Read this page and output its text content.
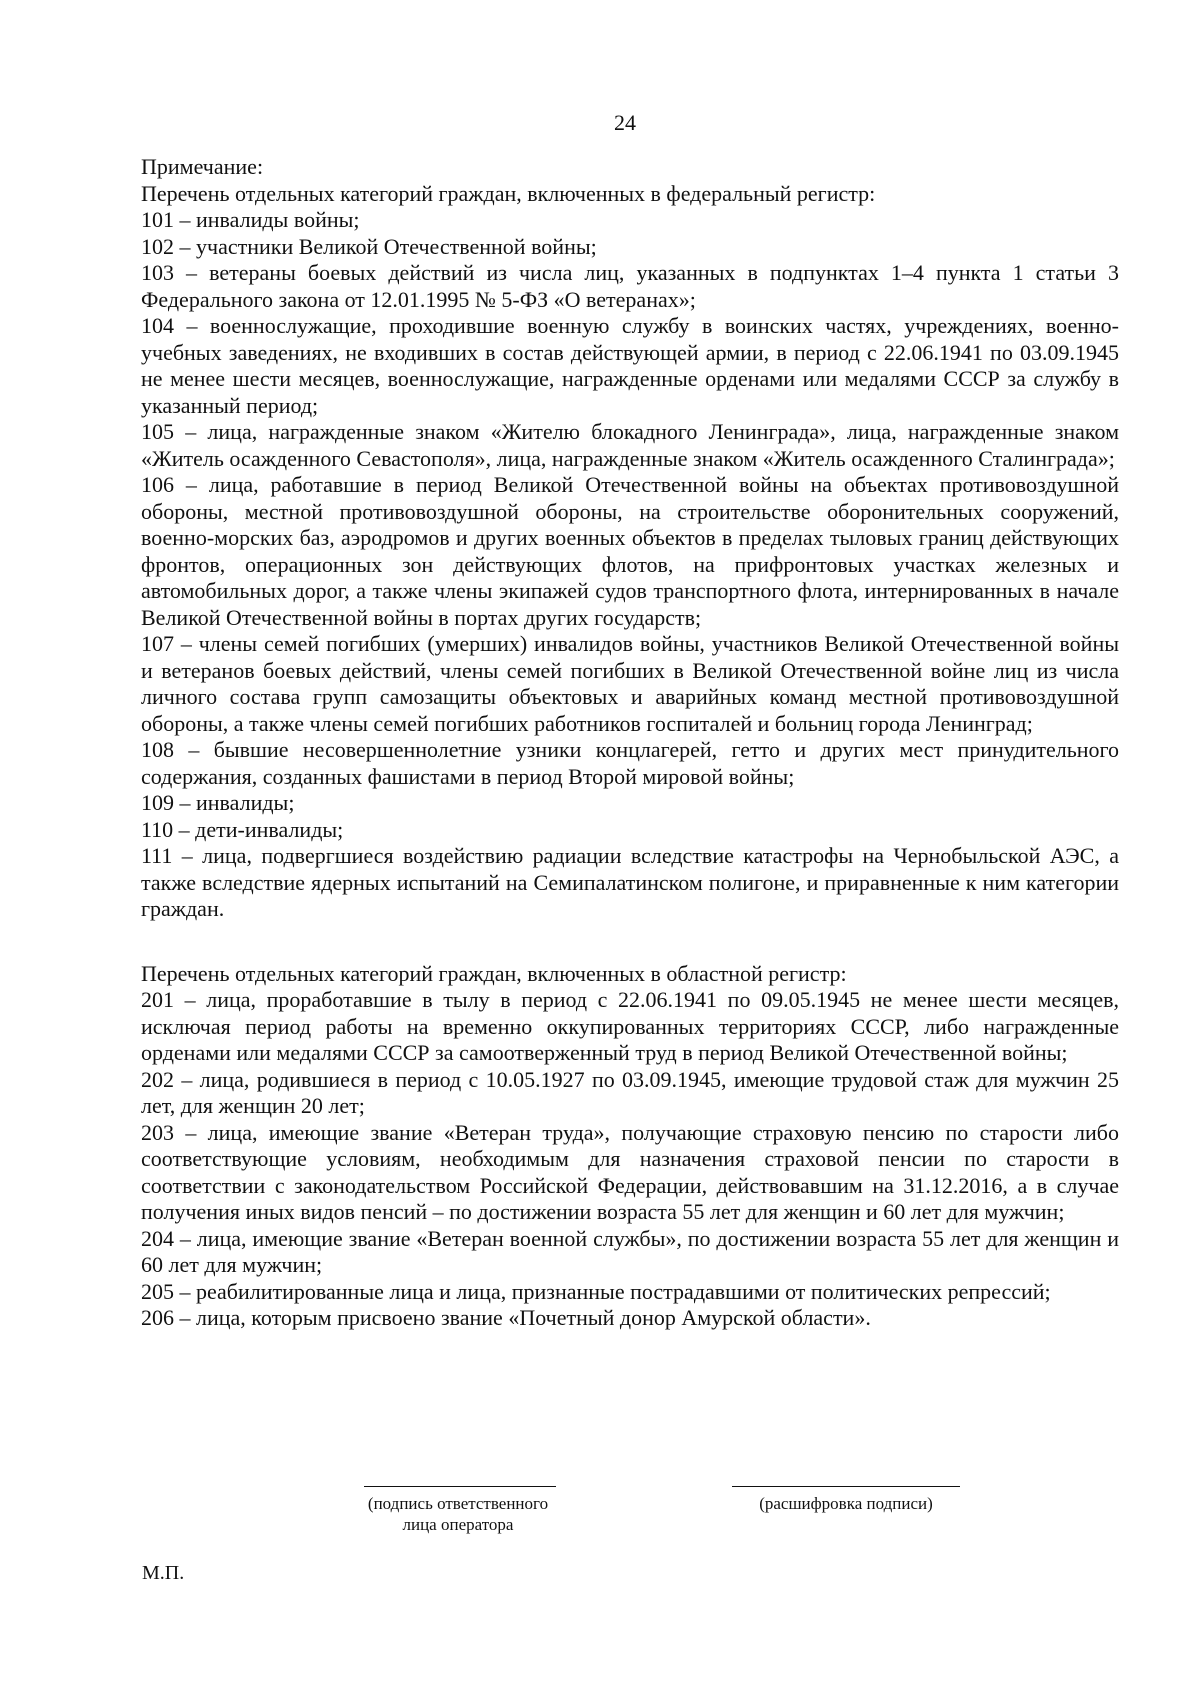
24

Примечание:

Перечень отдельных категорий граждан, включенных в федеральный регистр:

101 – инвалиды войны;

102 – участники Великой Отечественной войны;

103 – ветераны боевых действий из числа лиц, указанных в подпунктах 1–4 пункта 1 статьи 3 Федерального закона от 12.01.1995 № 5-ФЗ «О ветеранах»;

104 – военнослужащие, проходившие военную службу в воинских частях, учреждениях, военно-учебных заведениях, не входивших в состав действующей армии, в период с 22.06.1941 по 03.09.1945 не менее шести месяцев, военнослужащие, награжденные орденами или медалями СССР за службу в указанный период;

105 – лица, награжденные знаком «Жителю блокадного Ленинграда», лица, награжденные знаком «Житель осажденного Севастополя», лица, награжденные знаком «Житель осажденного Сталинграда»;

106 – лица, работавшие в период Великой Отечественной войны на объектах противовоздушной обороны, местной противовоздушной обороны, на строительстве оборонительных сооружений, военно-морских баз, аэродромов и других военных объектов в пределах тыловых границ действующих фронтов, операционных зон действующих флотов, на прифронтовых участках железных и автомобильных дорог, а также члены экипажей судов транспортного флота, интернированных в начале Великой Отечественной войны в портах других государств;

107 – члены семей погибших (умерших) инвалидов войны, участников Великой Отечественной войны и ветеранов боевых действий, члены семей погибших в Великой Отечественной войне лиц из числа личного состава групп самозащиты объектовых и аварийных команд местной противовоздушной обороны, а также члены семей погибших работников госпиталей и больниц города Ленинград;

108 – бывшие несовершеннолетние узники концлагерей, гетто и других мест принудительного содержания, созданных фашистами в период Второй мировой войны;

109 – инвалиды;

110 – дети-инвалиды;

111 – лица, подвергшиеся воздействию радиации вследствие катастрофы на Чернобыльской АЭС, а также вследствие ядерных испытаний на Семипалатинском полигоне, и приравненные к ним категории граждан.

Перечень отдельных категорий граждан, включенных в областной регистр:

201 – лица, проработавшие в тылу в период с 22.06.1941 по 09.05.1945 не менее шести месяцев, исключая период работы на временно оккупированных территориях СССР, либо награжденные орденами или медалями СССР за самоотверженный труд в период Великой Отечественной войны;

202 – лица, родившиеся в период с 10.05.1927 по 03.09.1945, имеющие трудовой стаж для мужчин 25 лет, для женщин 20 лет;

203 – лица, имеющие звание «Ветеран труда», получающие страховую пенсию по старости либо соответствующие условиям, необходимым для назначения страховой пенсии по старости в соответствии с законодательством Российской Федерации, действовавшим на 31.12.2016, а в случае получения иных видов пенсий – по достижении возраста 55 лет для женщин и 60 лет для мужчин;

204 – лица, имеющие звание «Ветеран военной службы», по достижении возраста 55 лет для женщин и 60 лет для мужчин;

205 – реабилитированные лица и лица, признанные пострадавшими от политических репрессий;

206 – лица, которым присвоено звание «Почетный донор Амурской области».

(подпись ответственного
лица оператора
(расшифровка подписи)
М.П.
